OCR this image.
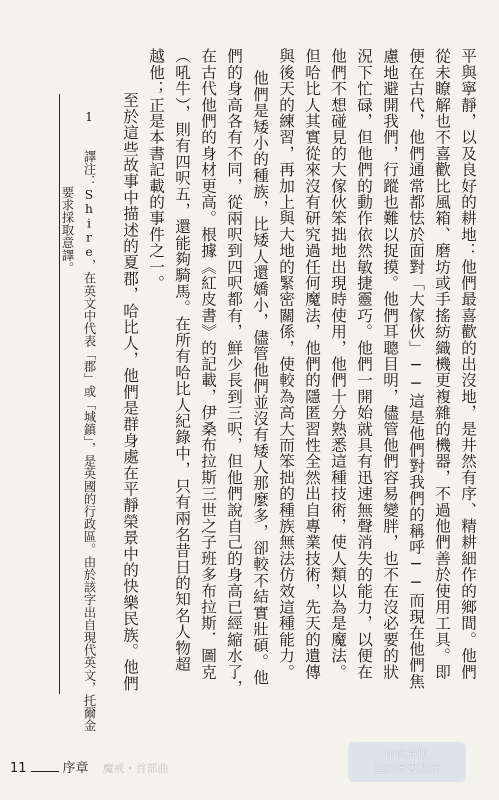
平與寧靜，以及良好的耕地：他們最喜歡的出沒地，是井然有序、精耕細作的鄉間。他們
從未瞭解也不喜歡比風箱、磨坊或手搖紡織機更複雜的機器，不過他們善於使用工具。即
便在古代，他們通常都怯於面對「大傢伙」──這是他們對我們的稱呼──而現在他們焦
慮地避開我們，行蹤也難以捉摸。他們耳聰目明，儘管他們容易變胖，也不在沒必要的狀
況下忙碌，但他們的動作依然敏捷靈巧。他們一開始就具有迅速無聲消失的能力，以便在
他們不想碰見的大傢伙笨拙地出現時使用，他們十分熟悉這種技術，使人類以為是魔法。
但哈比人其實從來沒有研究過任何魔法，他們的隱匿習性全然出自專業技術，先天的遺傳
與後天的練習，再加上與大地的緊密關係，使較為高大而笨拙的種族無法仿效這種能力。
他們是矮小的種族，比矮人還嬌小，儘管他們並沒有矮人那麼多，卻較不結實壯碩。他
們的身高各有不同，從兩呎到四呎都有，鮮少長到三呎，但他們說自己的身高已經縮水了，
在古代他們的身材更高。根據《紅皮書》的記載，伊桑布拉斯三世之子班多布拉斯．圖克
（吼牛），則有四呎五，還能夠騎馬。在所有哈比人紀錄中，只有兩名昔日的知名人物超
越他；正是本書記載的事件之一。
至於這些故事中描述的夏郡，哈比人，他們是群身處在平靜榮景中的快樂民族。他們
1
譯注：Shire，在英文中代表「郡」或「城鎮」，是英國的行政區。由於該字出自現代英文，托爾金
要求採取意譯。
11	序章 魔戒・首部曲
中商原版
進口圖書標誌
